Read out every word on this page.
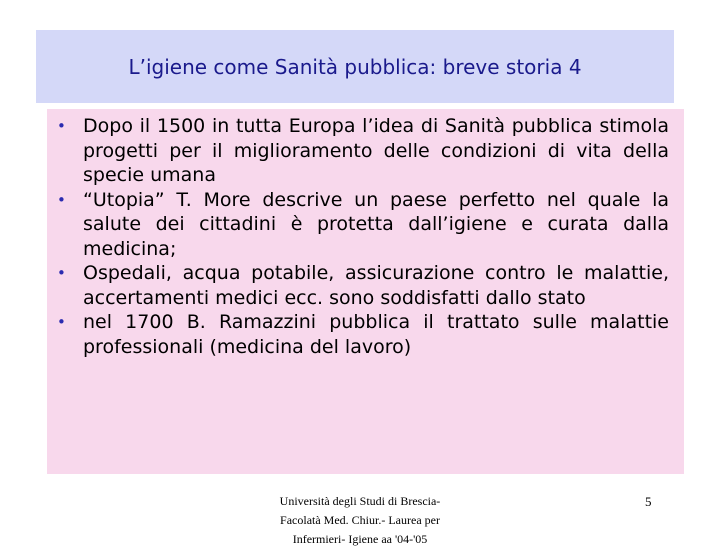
L’igiene come Sanità pubblica: breve storia 4
• Dopo il 1500 in tutta Europa l’idea di Sanità pubblica stimola progetti per il miglioramento delle condizioni di vita della specie umana
• “Utopia” T. More descrive un paese perfetto nel quale la salute dei cittadini è protetta dall’igiene e curata dalla medicina;
• Ospedali, acqua potabile, assicurazione contro le malattie, accertamenti medici ecc. sono soddisfatti dallo stato
• nel 1700 B. Ramazzini pubblica il trattato sulle malattie professionali (medicina del lavoro)
Università degli Studi di Brescia-
Facolatà Med. Chiur.- Laurea per
Infermieri- Igiene aa '04-'05
5
